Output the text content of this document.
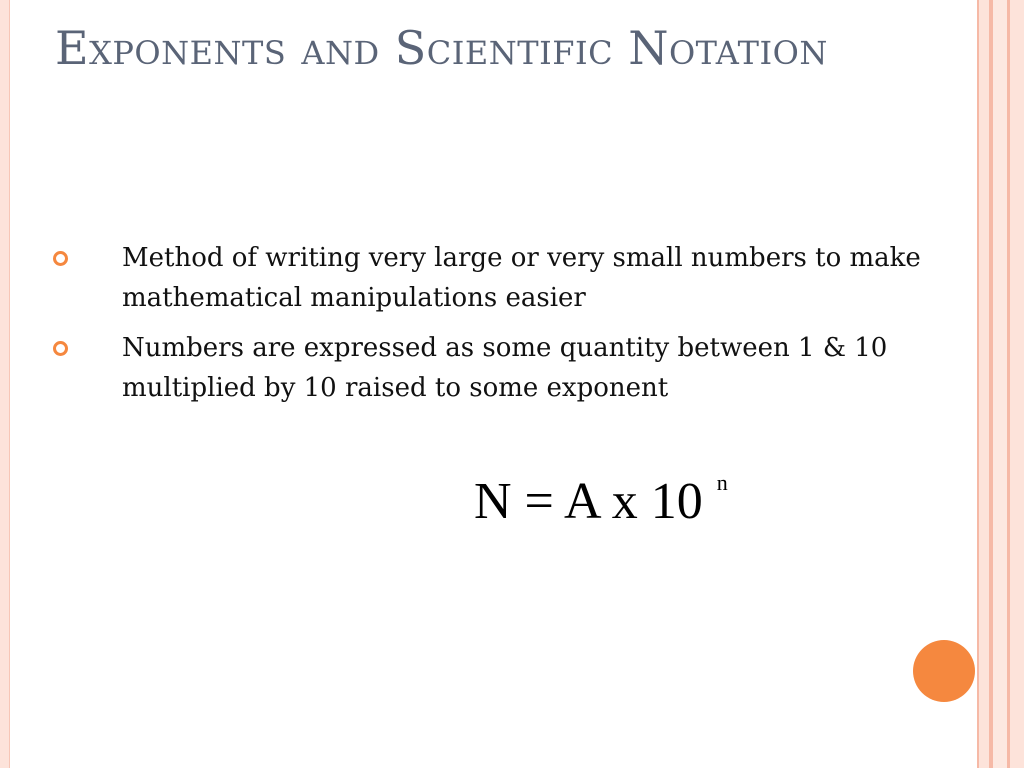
Exponents and Scientific Notation
Method of writing very large or very small numbers to make mathematical manipulations easier
Numbers are expressed as some quantity between 1 & 10 multiplied by 10 raised to some exponent
N = A x 10 $^n$
